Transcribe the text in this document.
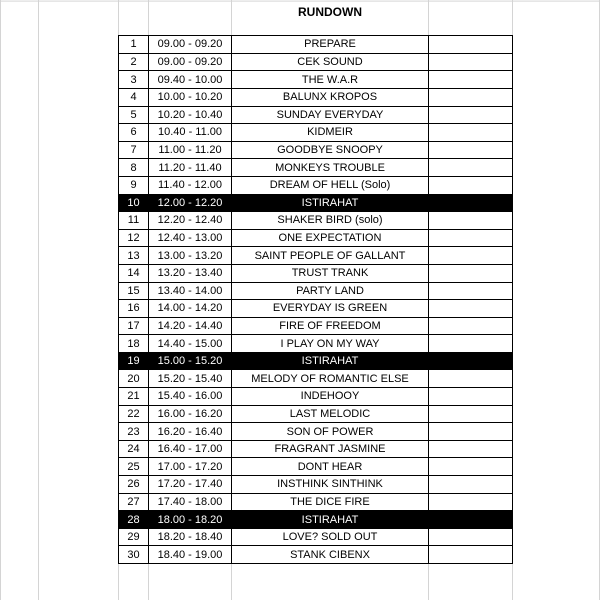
RUNDOWN
1	09.00 - 09.20	PREPARE	
2	09.00 - 09.20	CEK SOUND	
3	09.40 - 10.00	THE W.A.R	
4	10.00 - 10.20	BALUNX KROPOS	
5	10.20 - 10.40	SUNDAY EVERYDAY	
6	10.40 - 11.00	KIDMEIR	
7	11.00 - 11.20	GOODBYE SNOOPY	
8	11.20 - 11.40	MONKEYS TROUBLE	
9	11.40 - 12.00	DREAM OF HELL (Solo)	
10	12.00 - 12.20	ISTIRAHAT	
11	12.20 - 12.40	SHAKER BIRD (solo)	
12	12.40 - 13.00	ONE EXPECTATION	
13	13.00 - 13.20	SAINT PEOPLE OF GALLANT	
14	13.20 - 13.40	TRUST TRANK	
15	13.40 - 14.00	PARTY LAND	
16	14.00 - 14.20	EVERYDAY IS GREEN	
17	14.20 - 14.40	FIRE OF FREEDOM	
18	14.40 - 15.00	I PLAY ON MY WAY	
19	15.00 - 15.20	ISTIRAHAT	
20	15.20 - 15.40	MELODY OF ROMANTIC ELSE	
21	15.40 - 16.00	INDEHOOY	
22	16.00 - 16.20	LAST MELODIC	
23	16.20 - 16.40	SON OF POWER	
24	16.40 - 17.00	FRAGRANT JASMINE	
25	17.00 - 17.20	DONT HEAR	
26	17.20 - 17.40	INSTHINK SINTHINK	
27	17.40 - 18.00	THE DICE FIRE	
28	18.00 - 18.20	ISTIRAHAT	
29	18.20 - 18.40	LOVE? SOLD OUT	
30	18.40 - 19.00	STANK CIBENX	
